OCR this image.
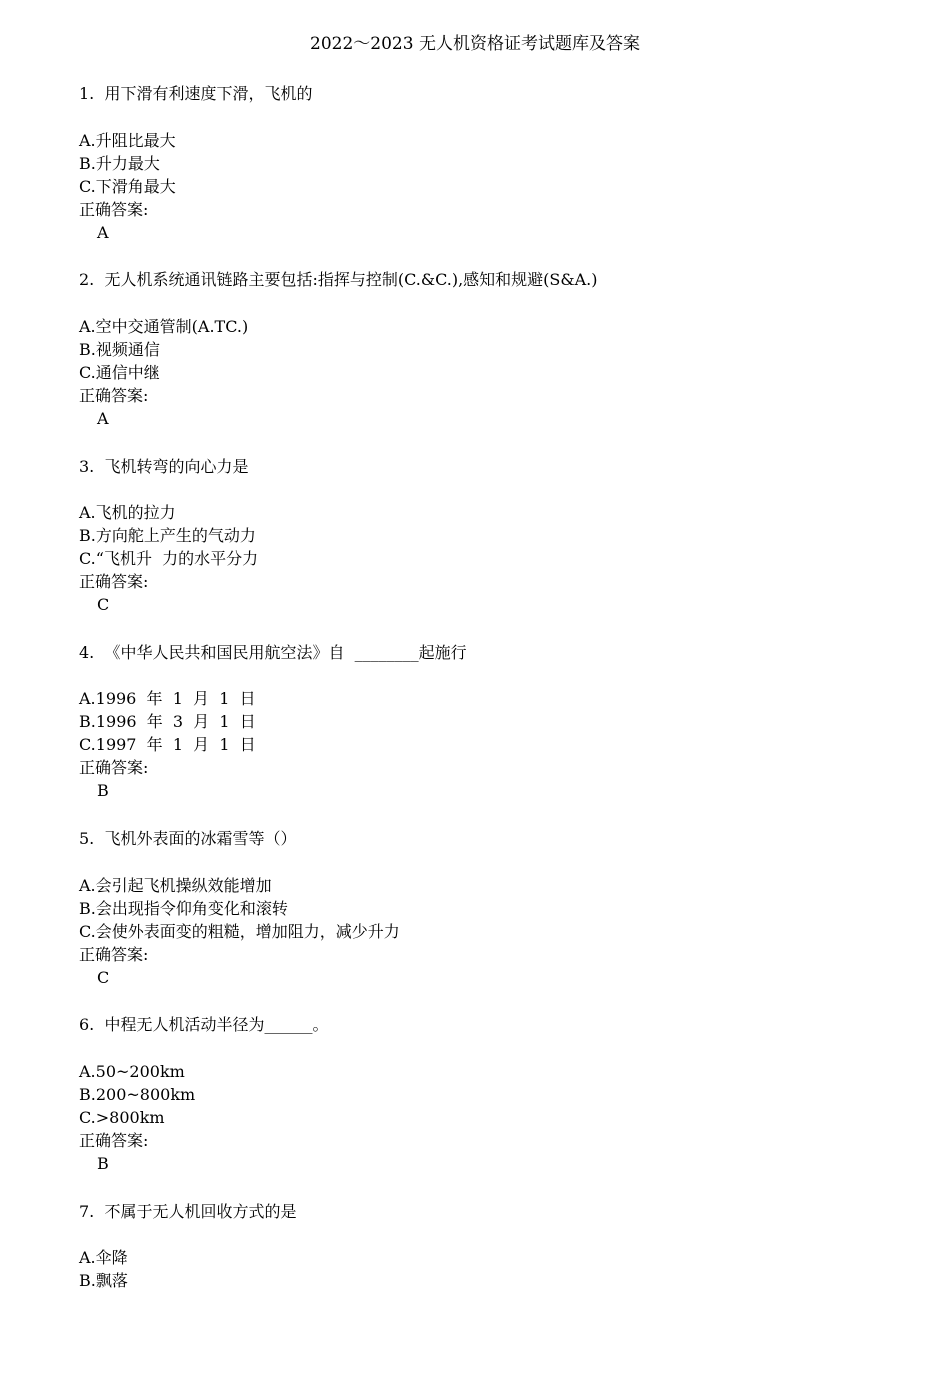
2022～2023 无人机资格证考试题库及答案
1.  用下滑有利速度下滑，飞机的
A.升阻比最大
B.升力最大
C.下滑角最大
正确答案:
A
2.  无人机系统通讯链路主要包括:指挥与控制(C.&C.),感知和规避(S&A.)
A.空中交通管制(A.TC.)
B.视频通信
C.通信中继
正确答案:
A
3.  飞机转弯的向心力是
A.飞机的拉力
B.方向舵上产生的气动力
C.“飞机升  力的水平分力
正确答案:
C
4.  《中华人民共和国民用航空法》自  ________起施行
A.1996  年  1  月  1  日
B.1996  年  3  月  1  日
C.1997  年  1  月  1  日
正确答案:
B
5.  飞机外表面的冰霜雪等（）
A.会引起飞机操纵效能增加
B.会出现指令仰角变化和滚转
C.会使外表面变的粗糙，增加阻力，减少升力
正确答案:
C
6.  中程无人机活动半径为______。
A.50~200km
B.200~800km
C.>800km
正确答案:
B
7.  不属于无人机回收方式的是
A.伞降
B.飘落
